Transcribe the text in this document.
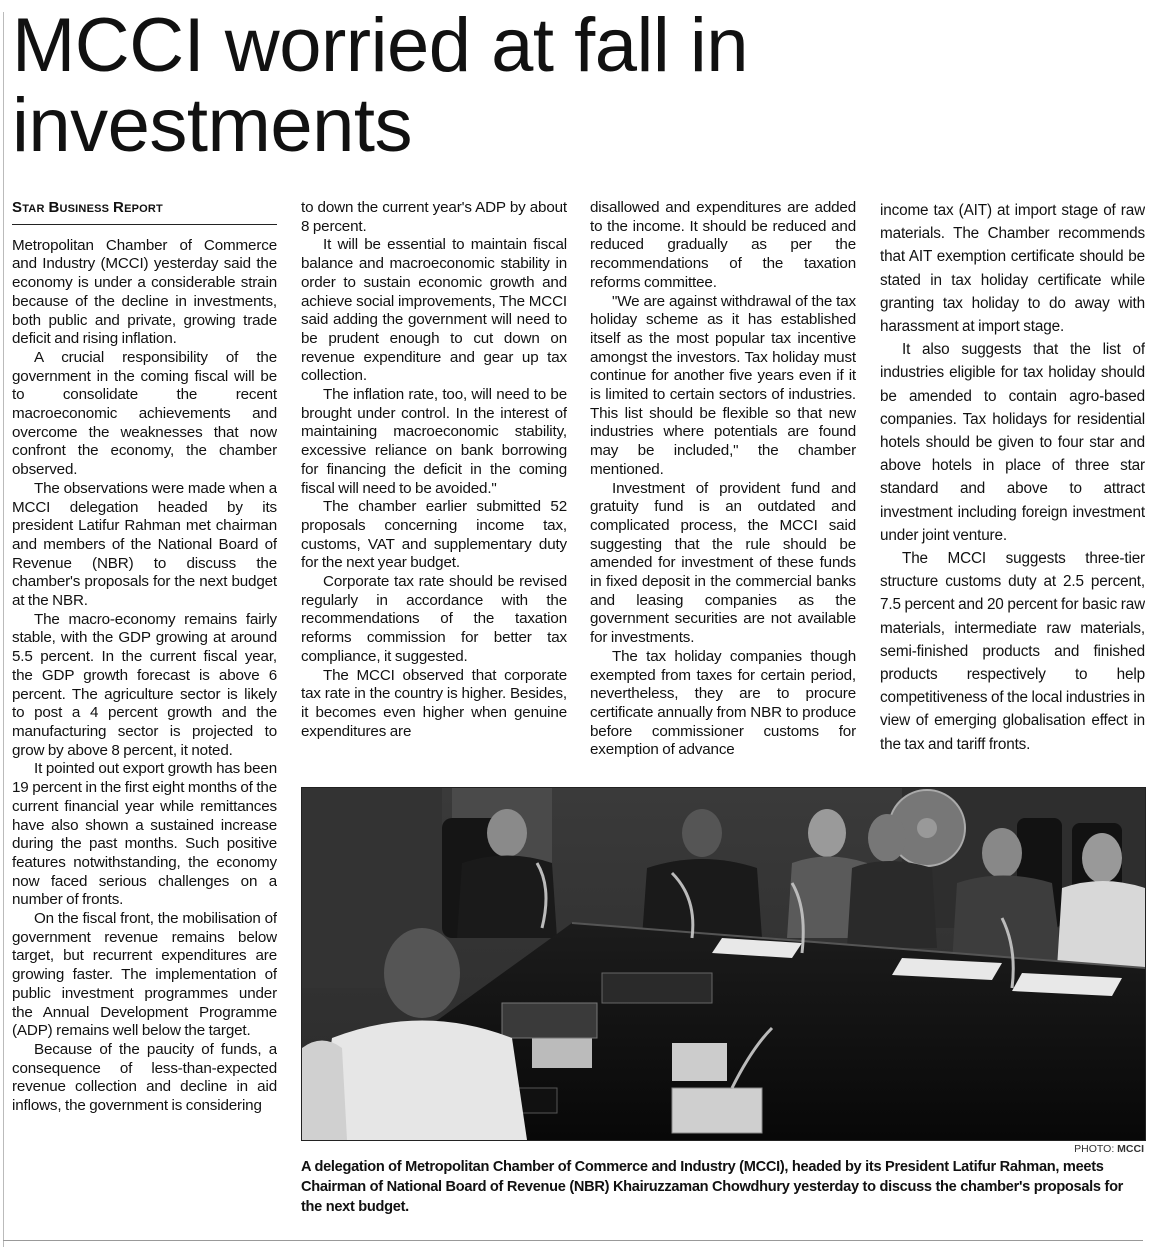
MCCI worried at fall in investments
Star Business Report

Metropolitan Chamber of Commerce and Industry (MCCI) yesterday said the economy is under a considerable strain because of the decline in investments, both public and private, growing trade deficit and rising inflation.

A crucial responsibility of the government in the coming fiscal will be to consolidate the recent macroeconomic achievements and overcome the weaknesses that now confront the economy, the chamber observed.

The observations were made when a MCCI delegation headed by its president Latifur Rahman met chairman and members of the National Board of Revenue (NBR) to discuss the chamber's proposals for the next budget at the NBR.

The macro-economy remains fairly stable, with the GDP growing at around 5.5 percent. In the current fiscal year, the GDP growth forecast is above 6 percent. The agriculture sector is likely to post a 4 percent growth and the manufacturing sector is projected to grow by above 8 percent, it noted.

It pointed out export growth has been 19 percent in the first eight months of the current financial year while remittances have also shown a sustained increase during the past months. Such positive features notwithstanding, the economy now faced serious challenges on a number of fronts.

On the fiscal front, the mobilisation of government revenue remains below target, but recurrent expenditures are growing faster. The implementation of public investment programmes under the Annual Development Programme (ADP) remains well below the target.

Because of the paucity of funds, a consequence of less-than-expected revenue collection and decline in aid inflows, the government is considering

to down the current year's ADP by about 8 percent.

It will be essential to maintain fiscal balance and macroeconomic stability in order to sustain economic growth and achieve social improvements, The MCCI said adding the government will need to be prudent enough to cut down on revenue expenditure and gear up tax collection.

The inflation rate, too, will need to be brought under control. In the interest of maintaining macroeconomic stability, excessive reliance on bank borrowing for financing the deficit in the coming fiscal will need to be avoided."

The chamber earlier submitted 52 proposals concerning income tax, customs, VAT and supplementary duty for the next year budget.

Corporate tax rate should be revised regularly in accordance with the recommendations of the taxation reforms commission for better tax compliance, it suggested.

The MCCI observed that corporate tax rate in the country is higher. Besides, it becomes even higher when genuine expenditures are

disallowed and expenditures are added to the income. It should be reduced and reduced gradually as per the recommendations of the taxation reforms committee.

"We are against withdrawal of the tax holiday scheme as it has established itself as the most popular tax incentive amongst the investors. Tax holiday must continue for another five years even if it is limited to certain sectors of industries. This list should be flexible so that new industries where potentials are found may be included," the chamber mentioned.

Investment of provident fund and gratuity fund is an outdated and complicated process, the MCCI said suggesting that the rule should be amended for investment of these funds in fixed deposit in the commercial banks and leasing companies as the government securities are not available for investments.

The tax holiday companies though exempted from taxes for certain period, nevertheless, they are to procure certificate annually from NBR to produce before commissioner customs for exemption of advance

income tax (AIT) at import stage of raw materials. The Chamber recommends that AIT exemption certificate should be stated in tax holiday certificate while granting tax holiday to do away with harassment at import stage.

It also suggests that the list of industries eligible for tax holiday should be amended to contain agro-based companies. Tax holidays for residential hotels should be given to four star and above hotels in place of three star standard and above to attract investment including foreign investment under joint venture.

The MCCI suggests three-tier structure customs duty at 2.5 percent, 7.5 percent and 20 percent for basic raw materials, intermediate raw materials, semi-finished products and finished products respectively to help competitiveness of the local industries in view of emerging globalisation effect in the tax and tariff fronts.

PHOTO: MCCI

A delegation of Metropolitan Chamber of Commerce and Industry (MCCI), headed by its President Latifur Rahman, meets Chairman of National Board of Revenue (NBR) Khairuzzaman Chowdhury yesterday to discuss the chamber's proposals for the next budget.
